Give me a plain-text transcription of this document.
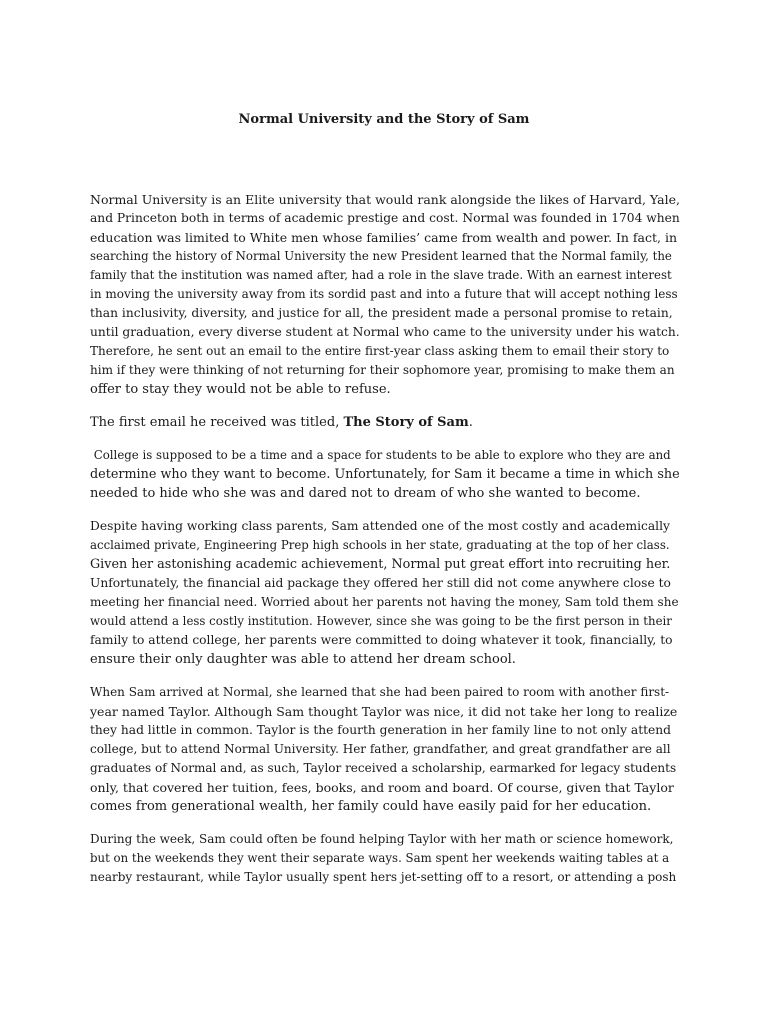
Normal University and the Story of Sam

Normal University is an Elite university that would rank alongside the likes of Harvard, Yale,
and Princeton both in terms of academic prestige and cost. Normal was founded in 1704 when
education was limited to White men whose families’ came from wealth and power. In fact, in
searching the history of Normal University the new President learned that the Normal family, the
family that the institution was named after, had a role in the slave trade. With an earnest interest
in moving the university away from its sordid past and into a future that will accept nothing less
than inclusivity, diversity, and justice for all, the president made a personal promise to retain,
until graduation, every diverse student at Normal who came to the university under his watch.
Therefore, he sent out an email to the entire first-year class asking them to email their story to
him if they were thinking of not returning for their sophomore year, promising to make them an
offer to stay they would not be able to refuse.

The first email he received was titled, The Story of Sam.

College is supposed to be a time and a space for students to be able to explore who they are and
determine who they want to become. Unfortunately, for Sam it became a time in which she
needed to hide who she was and dared not to dream of who she wanted to become.

Despite having working class parents, Sam attended one of the most costly and academically
acclaimed private, Engineering Prep high schools in her state, graduating at the top of her class.
Given her astonishing academic achievement, Normal put great effort into recruiting her.
Unfortunately, the financial aid package they offered her still did not come anywhere close to
meeting her financial need. Worried about her parents not having the money, Sam told them she
would attend a less costly institution. However, since she was going to be the first person in their
family to attend college, her parents were committed to doing whatever it took, financially, to
ensure their only daughter was able to attend her dream school.

When Sam arrived at Normal, she learned that she had been paired to room with another first-
year named Taylor. Although Sam thought Taylor was nice, it did not take her long to realize
they had little in common. Taylor is the fourth generation in her family line to not only attend
college, but to attend Normal University. Her father, grandfather, and great grandfather are all
graduates of Normal and, as such, Taylor received a scholarship, earmarked for legacy students
only, that covered her tuition, fees, books, and room and board. Of course, given that Taylor
comes from generational wealth, her family could have easily paid for her education.

During the week, Sam could often be found helping Taylor with her math or science homework,
but on the weekends they went their separate ways. Sam spent her weekends waiting tables at a
nearby restaurant, while Taylor usually spent hers jet-setting off to a resort, or attending a posh
